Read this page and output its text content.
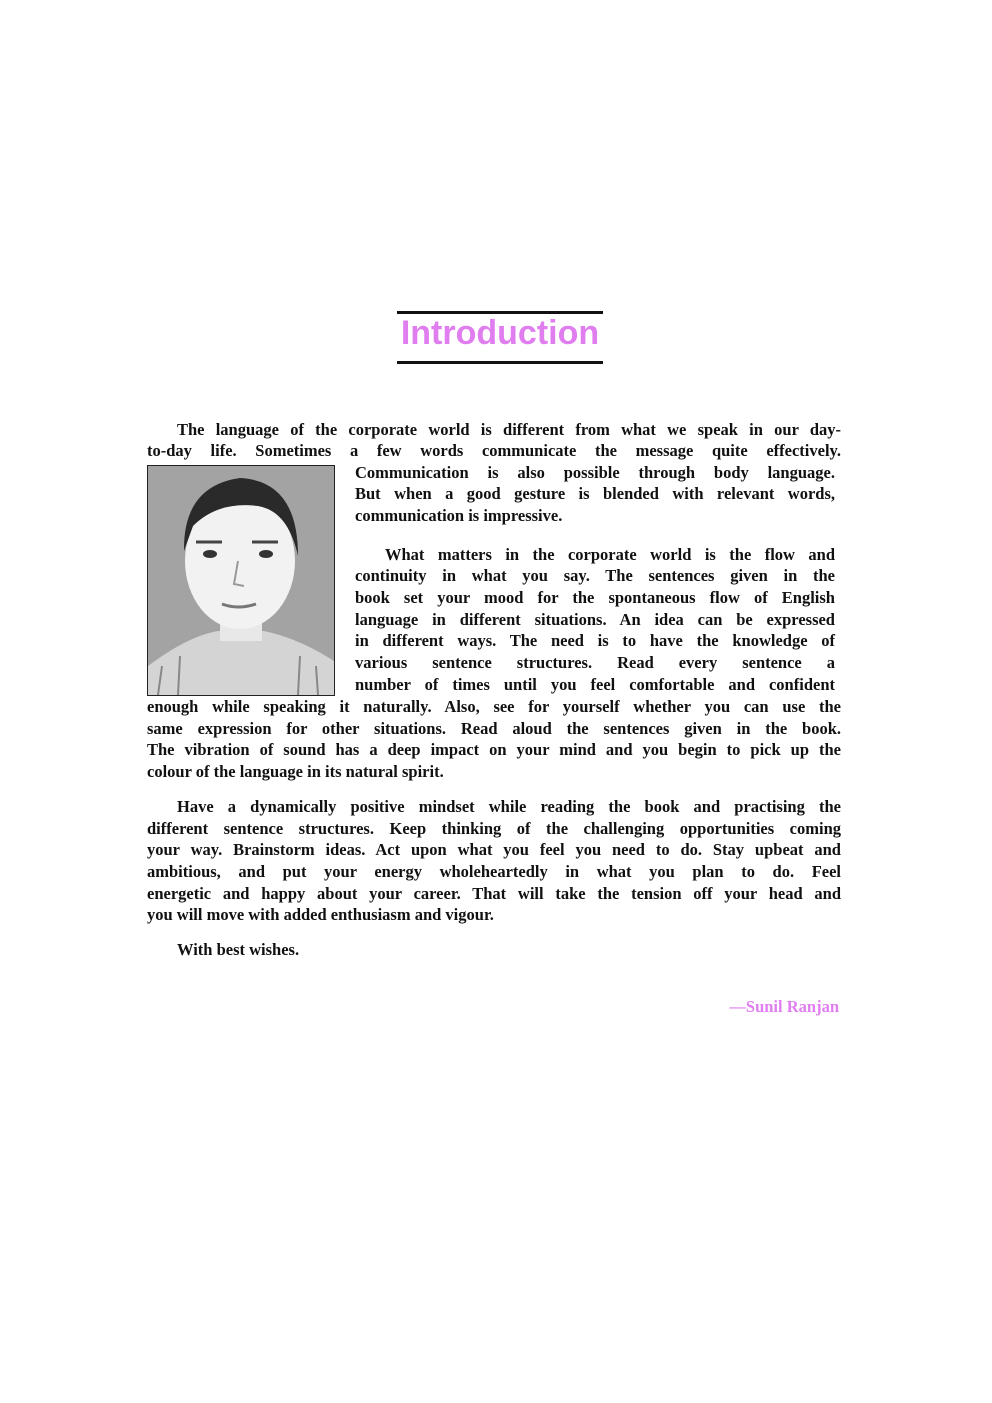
Introduction
The language of the corporate world is different from what we speak in our day-
to-day life. Sometimes a few words communicate the message quite effectively.
Communication is also possible through body language.
But when a good gesture is blended with relevant words,
communication is impressive.
What matters in the corporate world is the flow and
continuity in what you say. The sentences given in the
book set your mood for the spontaneous flow of English
language in different situations. An idea can be expressed
in different ways. The need is to have the knowledge of
various sentence structures. Read every sentence a
number of times until you feel comfortable and confident
enough while speaking it naturally. Also, see for yourself whether you can use the
same expression for other situations. Read aloud the sentences given in the book.
The vibration of sound has a deep impact on your mind and you begin to pick up the
colour of the language in its natural spirit.
Have a dynamically positive mindset while reading the book and practising the
different sentence structures. Keep thinking of the challenging opportunities coming
your way. Brainstorm ideas. Act upon what you feel you need to do. Stay upbeat and
ambitious, and put your energy wholeheartedly in what you plan to do. Feel
energetic and happy about your career. That will take the tension off your head and
you will move with added enthusiasm and vigour.
With best wishes.
—Sunil Ranjan
